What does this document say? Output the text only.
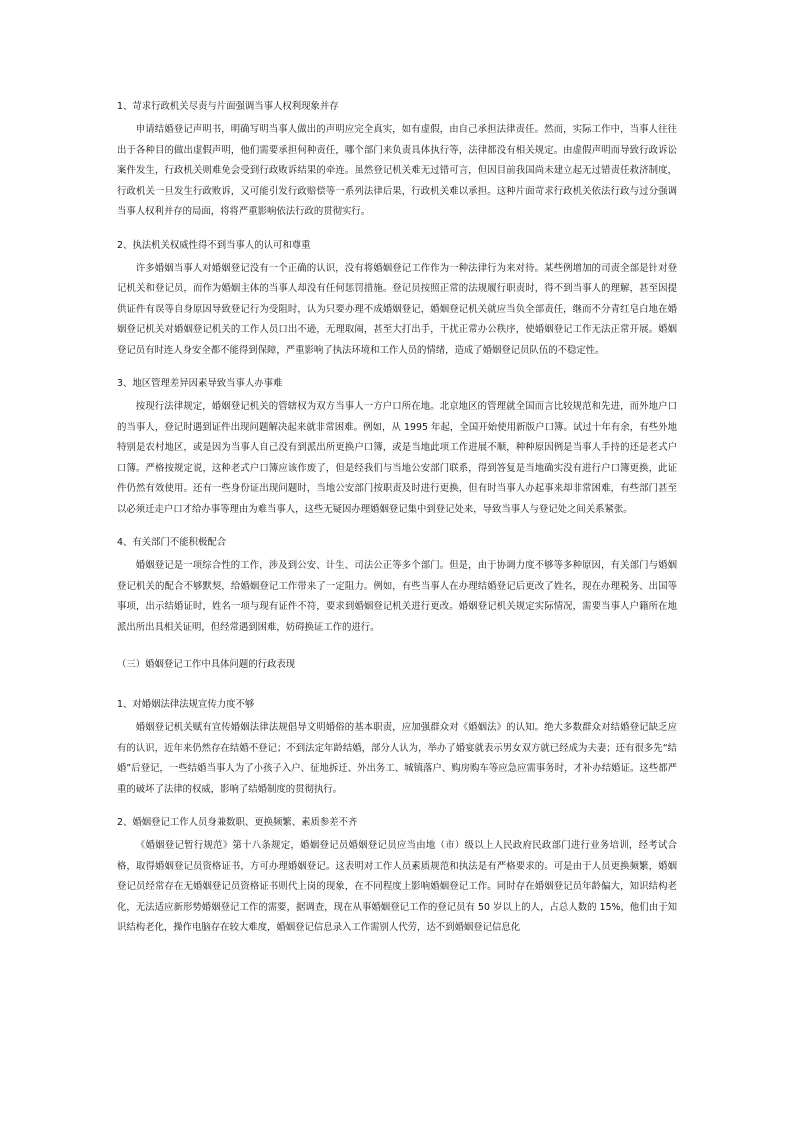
1、苛求行政机关尽责与片面强调当事人权利现象并存

申请结婚登记声明书，明确写明当事人做出的声明应完全真实，如有虚假，由自己承担法律责任。然而，实际工作中，当事人往往出于各种目的做出虚假声明，他们需要承担何种责任，哪个部门来负责具体执行等，法律都没有相关规定。由虚假声明而导致行政诉讼案件发生，行政机关则难免会受到行政败诉结果的牵连。虽然登记机关难无过错可言，但因目前我国尚未建立起无过错责任救济制度，行政机关一旦发生行政败诉，又可能引发行政赔偿等一系列法律后果，行政机关难以承担。这种片面苛求行政机关依法行政与过分强调当事人权利并存的局面，将将严重影响依法行政的贯彻实行。

2、执法机关权威性得不到当事人的认可和尊重

许多婚姻当事人对婚姻登记没有一个正确的认识，没有将婚姻登记工作作为一种法律行为来对待。某些例增加的司责全部是针对登记机关和登记员，而作为婚姻主体的当事人却没有任何惩罚措施。登记员按照正常的法规履行职责时，得不到当事人的理解，甚至因提供证件有误等自身原因导致登记行为受阻时，认为只要办理不成婚姻登记，婚姻登记机关就应当负全部责任，继而不分青红皂白地在婚姻登记机关对婚姻登记机关的工作人员口出不逊，无理取闹，甚至大打出手，干扰正常办公秩序，使婚姻登记工作无法正常开展。婚姻登记员有时连人身安全都不能得到保障，严重影响了执法环境和工作人员的情绪，造成了婚姻登记员队伍的不稳定性。

3、地区管理差异因素导致当事人办事难

按现行法律规定，婚姻登记机关的管辖权为双方当事人一方户口所在地。北京地区的管理就全国而言比较规范和先进，而外地户口的当事人，登记时遇到证件出现问题解决起来就非常困难。例如，从 1995 年起，全国开始使用新版户口簿。试过十年有余，有些外地特别是农村地区，或是因为当事人自己没有到派出所更换户口簿，或是当地此项工作进展不顺，种种原因例是当事人手持的还是老式户口簿。严格按规定说，这种老式户口簿应该作废了，但是经我们与当地公安部门联系，得到答复是当地确实没有进行户口簿更换，此证件仍然有效使用。还有一些身份证出现问题时，当地公安部门按职责及时进行更换，但有时当事人办起事来却非常困难，有些部门甚至以必须迁走户口才给办事等理由为难当事人，这些无疑因办理婚姻登记集中到登记处来，导致当事人与登记处之间关系紧张。

4、有关部门不能积极配合

婚姻登记是一项综合性的工作，涉及到公安、计生、司法公正等多个部门。但是，由于协调力度不够等多种原因，有关部门与婚姻登记机关的配合不够默契，给婚姻登记工作带来了一定阻力。例如，有些当事人在办理结婚登记后更改了姓名，现在办理税务、出国等事项，出示结婚证时，姓名一项与现有证件不符，要求到婚姻登记机关进行更改。婚姻登记机关规定实际情况，需要当事人户籍所在地派出所出具相关证明，但经常遇到困难，妨碍换证工作的进行。

（三）婚姻登记工作中具体问题的行政表现

1、对婚姻法律法规宣传力度不够

婚姻登记机关赋有宣传婚姻法律法规倡导文明婚俗的基本职责，应加强群众对《婚姻法》的认知。绝大多数群众对结婚登记缺乏应有的认识，近年来仍然存在结婚不登记；不到法定年龄结婚，部分人认为，举办了婚宴就表示男女双方就已经成为夫妻；还有很多先“结婚”后登记，一些结婚当事人为了小孩子入户、征地拆迁、外出务工、城镇落户、购房购车等应急应需事务时，才补办结婚证。这些都严重的破坏了法律的权威，影响了结婚制度的贯彻执行。

2、婚姻登记工作人员身兼数职、更换频繁、素质参差不齐

《婚姻登记暂行规范》第十八条规定，婚姻登记员婚姻登记员应当由地（市）级以上人民政府民政部门进行业务培训，经考试合格，取得婚姻登记员资格证书，方可办理婚姻登记。这表明对工作人员素质规范和执法是有严格要求的。可是由于人员更换频繁，婚姻登记员经常存在无婚姻登记员资格证书则代上岗的现象，在不同程度上影响婚姻登记工作。同时存在婚姻登记员年龄偏大，知识结构老化，无法适应新形势婚姻登记工作的需要，据调查，现在从事婚姻登记工作的登记员有 50 岁以上的人，占总人数的 15%，他们由于知识结构老化，操作电脑存在较大难度，婚姻登记信息录入工作需别人代劳，达不到婚姻登记信息化
